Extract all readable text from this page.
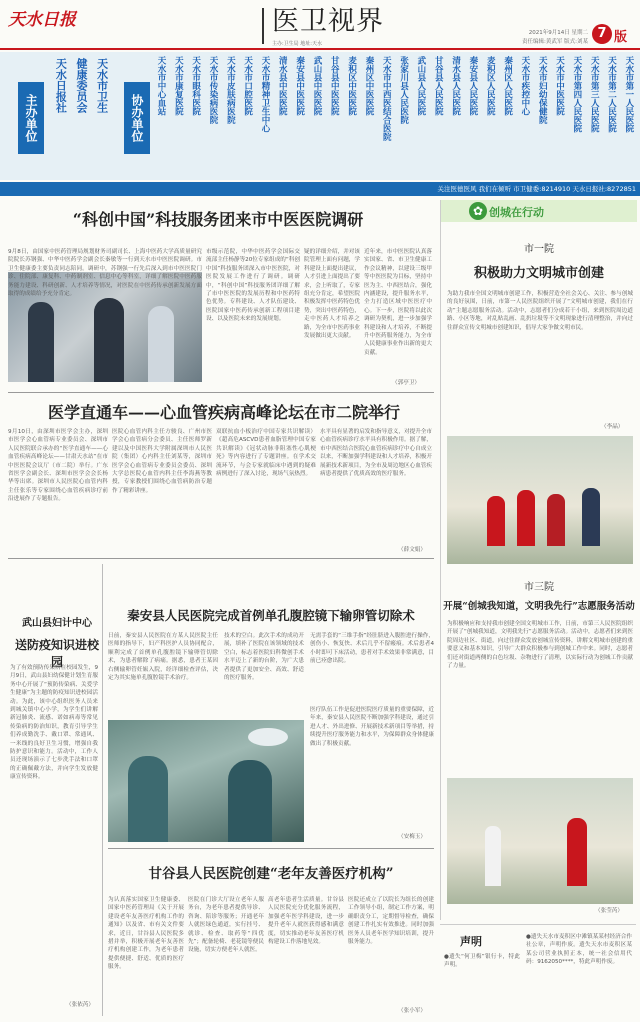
天水日报	医卫视界
主办:卫生局 地址:天水
2021年9月14日 星期二
责任编辑:黄武军 版式:刘某
7 版
主办单位
天水市卫生
健康委员会
天水日报社
协办单位	天水市第一人民医院
天水市第二人民医院
天水市第三人民医院
天水市第四人民医院
天水市中医医院
天水市妇幼保健院
天水市疾控中心
秦州区人民医院
麦积区人民医院
秦安县人民医院
清水县人民医院
甘谷县人民医院
武山县人民医院
张家川县人民医院
天水市中西医结合医院
秦州区中医医院
麦积区中医医院
甘谷县中医医院
武山县中医医院
秦安县中医医院
清水县中医医院
天水市精神卫生中心
天水市口腔医院
天水市皮肤病医院
天水市传染病医院
天水市眼科医院
天水市康复医院
天水市中心血站
关注医德医风 我们在倾听 市卫健委:8214910 天水日报社:8272851
“科创中国”科技服务团来市中医医院调研
9月8日，由国家中医药管理局规划财务司副司长、上海中医药大学高质量研究院院长苏钢强、中华中医药学会副会长秦敏等一行到天水市中医医院调研。市卫生健康委主要负责同志陪同。调研中，苏钢强一行先后深入到市中医医院门诊、住院部、康复科、中药制剂室、信息中心等科室，详细了解医院中医药服务能力建设、科研创新、人才培养等情况，对医院在中医药传承创新发展方面取得的成绩给予充分肯定。
市级示范院，中华中医药学会国际交流部主任杨静等20位专家组成的“科创中国”科技服务团深入市中医医院，对医院发展工作进行了调研。调研中，“科创中国”科技服务团详细了解了市中医医院的发展历程和中医药特色优势。专科建设、人才队伍建设、医院国家中医药传承创新工程项目建设、以及医院未来的发展规划。
疑的详细介绍，并对该院管理上面有问题，学科建设上面提出建议，人才引进上面提出了要求，会上听取了，专家组充分肯定，希望医院积极发挥中医药特色优势，突出中医药特色，走中医药人才培养之路，为全市中医药事业发展做出更大贡献。
近年来，市中医医院认真落实国家、省、市卫生健康工作会议精神，以建设三级甲等中医医院为目标，坚持中医为主、中西医结合，强化内涵建设，提升服务水平，全力打造区域中医医疗中心。下一步，医院将以此次调研为契机，进一步加强学科建设和人才培养，不断提升中医药服务能力，为全市人民健康事业作出新的更大贡献。
（郭亭卫）
医学直通车——心血管疾病高峰论坛在市二院举行
9月10日，由深圳市医学会主办，深圳市医学会心血管病专业委员会、深圳市人民医院联合承办的“医学直通车——心血管疾病高峰论坛——甘肃天水站”在市中医医院会议厅（市二院）举行。广东省医学会副会长、深圳市医学会会长杨华等出席。深圳市人民医院心血管内科主任张乐等专家围绕心血管疾病诊疗前沿进展作了专题报告。
医院心血管内科主任方骏良、广州市医学会心血管病分会委员、主任医师罗新建以及中国医科大学附属深圳市人民医院（集团）心内科主任刘某等，深圳市医学会心血管病专业委员会委员、深圳大学总医院心血管内科主任李海燕等教授，专家教授们围绕心血管病防治专题作了精彩讲座。
双联抗血小板治疗中国专家共识解读）《超高危ASCVD患者血脂管理中国专家共识解读》《冠状动脉非阻塞性心肌梗死》等内容进行了专题讲座。在学术交流环节，与会专家就临床中遇到的疑难病例进行了深入讨论，现场气氛热烈。
水平具有显著的启发和指导意义，对提升全市心血管疾病诊疗水平具有积极作用。据了解，市中西医结合医院心血管疾病诊疗中心自成立以来，不断加强学科建设和人才培养，积极开展新技术新项目，为全市及周边地区心血管疾病患者提供了优质高效的医疗服务。
（薛文娟）
武山县妇计中心
送防疫知识进校园
为了有效预防传染病在校园发生，9月9日，武山县妇幼保健计划生育服务中心开展了“预防传染病、关爱学生健康”为主题的防疫知识进校园活动。为此，该中心组织医务人员来到城关镇中心小学，为学生们讲解新冠肺炎、流感、诺如病毒等常见传染病的防治知识，教育引导学生们养成勤洗手、戴口罩、常通风、一米线的良好卫生习惯，增强自我防护意识和能力。活动中，工作人员还现场演示了七步洗手法和口罩的正确佩戴方法，并向学生发放健康宣传资料。
（张依芮）
秦安县人民医院完成首例单孔腹腔镜下输卵管切除术
日前，秦安县人民医院在方某人民医院主任医师的指导下，妇产科医护人员协同配合，顺利完成了首例单孔腹腔镜下输卵管切除术，为患者解除了病痛。据悉，患者王某因右侧输卵管妊娠入院，经详细检查评估，决定为其实施单孔腹腔镜手术治疗。
技术的空白。此次手术的成功开展，填补了医院在该领域的技术空白，标志着医院妇科微创手术水平迈上了新的台阶，为广大患者提供了更加安全、高效、舒适的医疗服务。
无需手套的“三维手指”经肚脐进入腹腔进行操作，创伤小、恢复快、术后几乎不留瘢痕。术后患者4小时即可下床活动，患者对手术效果非常满意，目前已痊愈出院。
医疗队伍工作是促进医院医疗质量的重要保障，近年来，秦安县人民医院不断加强学科建设，通过引进人才、外出进修、开展新技术新项目等举措，持续提升医疗服务能力和水平，为保障群众身体健康做出了积极贡献。
（安梅玉）
甘谷县人民医院创建“老年友善医疗机构”
为认真落实国家卫生健康委、国家中医药管理局《关于开展建设老年友善医疗机构工作的通知》以及省、市有关文件要求，近日，甘谷县人民医院多措并举，积极开展老年友善医疗机构创建工作，为老年患者提供便捷、舒适、优质的医疗服务。
医院在门诊大厅设立老年人服务台，为老年患者提供导诊、咨询、陪诊等服务；开通老年人就医绿色通道，实行挂号、就诊、检查、取药等“四优先”；配备轮椅、老花镜等便民设施，切实方便老年人就医。
高老年患者生活质量。甘谷县人民医院充分优化服务流程，加强老年医学科建设，进一步提升老年人就医获得感和满意度，切实推动老年友善医疗机构建设工作落地见效。
医院还成立了以院长为组长的创建工作领导小组，制定工作方案，明确职责分工，定期督导检查，确保创建工作扎实有效推进。同时加强医务人员老年医学知识培训，提升服务能力。
（张小军）
✿ 创城在行动
市一院
积极助力文明城市创建
为助力我市全国文明城市创建工作，积极营造全社会关心、关注、参与创城的良好氛围，日前，市第一人民医院组织开展了“文明城市创建，我们在行动”主题志愿服务活动。活动中，志愿者们分成若干小组，来到医院周边道路、小区等地，对乱贴乱画、乱扔垃圾等不文明现象进行清理整治，并向过往群众宣传文明城市创建知识，倡导大家争做文明市民。
（李晶）
市三院
开展“创城我知道，文明我先行”志愿服务活动
为积极响应和支持我市创建全国文明城市工作，日前，市第三人民医院组织开展了“创城我知道，文明我先行”志愿服务活动。活动中，志愿者们来到医院周边社区、街道，向过往群众发放创城宣传资料，讲解文明城市创建的重要意义和基本知识，引导广大群众积极参与到创城工作中来。同时，志愿者们还对街道两侧的白色垃圾、杂物进行了清理，以实际行动为创城工作贡献了力量。
（张莹芮）
声明
●遗失“何卫梅”银行卡，特此声明。
●遗失天水市麦积区中滩镇某某村经济合作社公章，声明作废。遗失天水市麦积区某某公司营业执照正本，统一社会信用代码：9162050****，特此声明作废。
